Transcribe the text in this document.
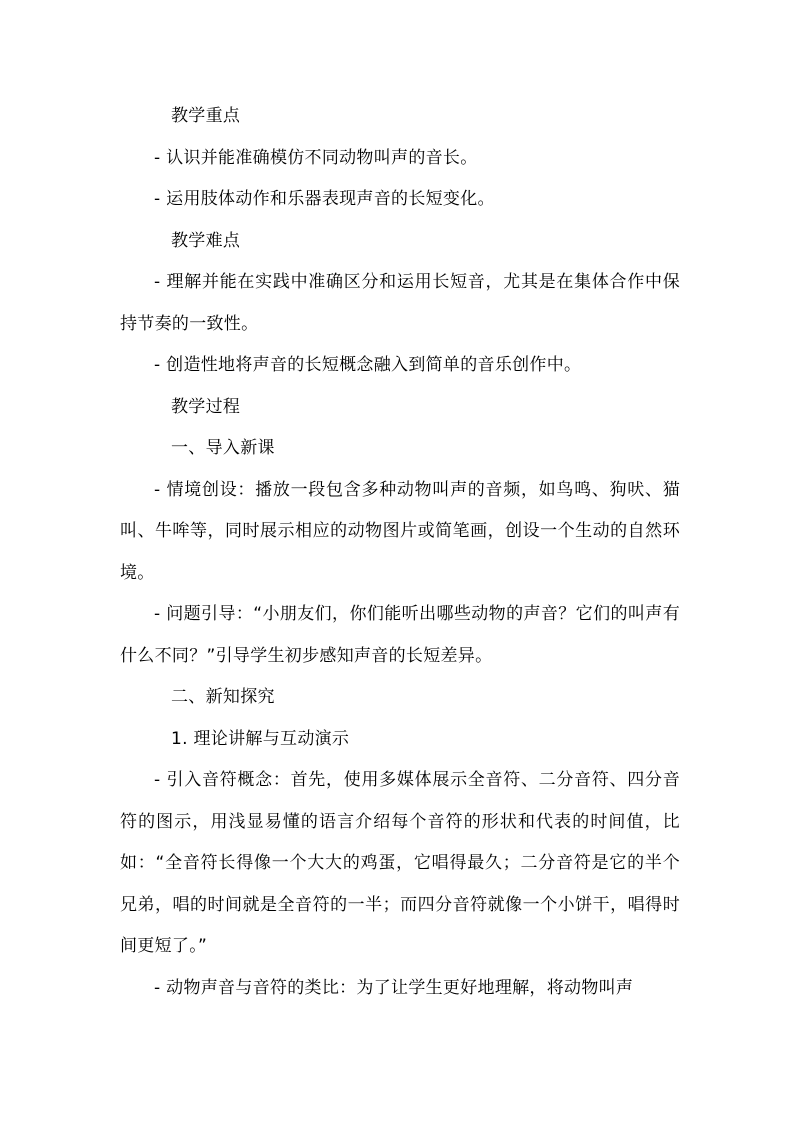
教学重点

- 认识并能准确模仿不同动物叫声的音长。

- 运用肢体动作和乐器表现声音的长短变化。

教学难点

- 理解并能在实践中准确区分和运用长短音，尤其是在集体合作中保持节奏的一致性。

- 创造性地将声音的长短概念融入到简单的音乐创作中。

教学过程

一、导入新课

- 情境创设：播放一段包含多种动物叫声的音频，如鸟鸣、狗吠、猫叫、牛哞等，同时展示相应的动物图片或简笔画，创设一个生动的自然环境。

- 问题引导：“小朋友们，你们能听出哪些动物的声音？它们的叫声有什么不同？”引导学生初步感知声音的长短差异。

二、新知探究

1. 理论讲解与互动演示

- 引入音符概念：首先，使用多媒体展示全音符、二分音符、四分音符的图示，用浅显易懂的语言介绍每个音符的形状和代表的时间值，比如：“全音符长得像一个大大的鸡蛋，它唱得最久；二分音符是它的半个兄弟，唱的时间就是全音符的一半；而四分音符就像一个小饼干，唱得时间更短了。”

- 动物声音与音符的类比：为了让学生更好地理解，将动物叫声
